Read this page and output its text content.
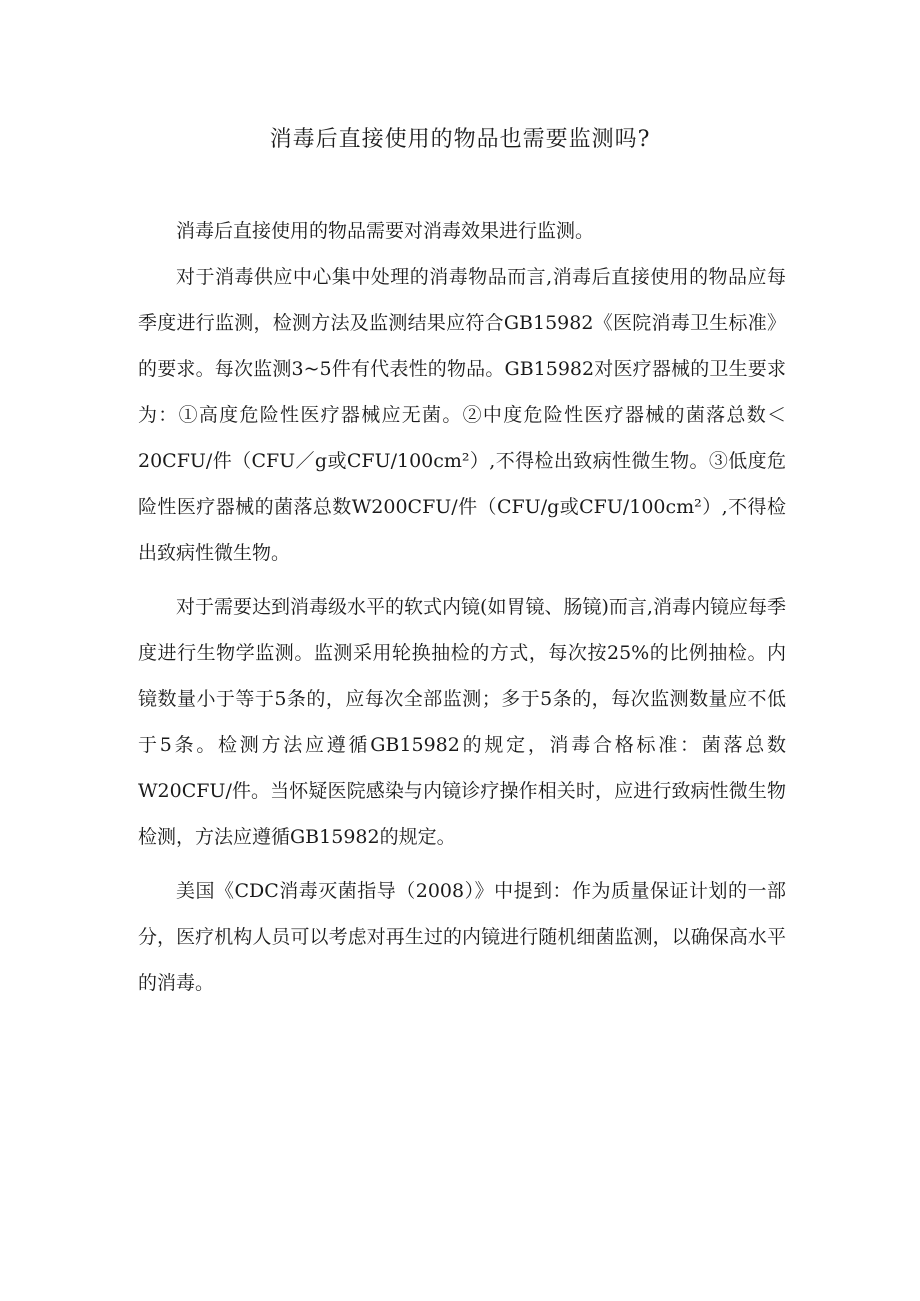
消毒后直接使用的物品也需要监测吗?

消毒后直接使用的物品需要对消毒效果进行监测。

对于消毒供应中心集中处理的消毒物品而言,消毒后直接使用的物品应每季度进行监测，检测方法及监测结果应符合GB15982《医院消毒卫生标准》的要求。每次监测3~5件有代表性的物品。GB15982对医疗器械的卫生要求为：①高度危险性医疗器械应无菌。②中度危险性医疗器械的菌落总数＜20CFU/件（CFU／g或CFU/100cm²）,不得检出致病性微生物。③低度危险性医疗器械的菌落总数W200CFU/件（CFU/g或CFU/100cm²）,不得检出致病性微生物。

对于需要达到消毒级水平的软式内镜(如胃镜、肠镜)而言,消毒内镜应每季度进行生物学监测。监测采用轮换抽检的方式，每次按25%的比例抽检。内镜数量小于等于5条的，应每次全部监测；多于5条的，每次监测数量应不低于5条。检测方法应遵循GB15982的规定，消毒合格标准：菌落总数W20CFU/件。当怀疑医院感染与内镜诊疗操作相关时，应进行致病性微生物检测，方法应遵循GB15982的规定。

美国《CDC消毒灭菌指导（2008）》中提到：作为质量保证计划的一部分，医疗机构人员可以考虑对再生过的内镜进行随机细菌监测，以确保高水平的消毒。
